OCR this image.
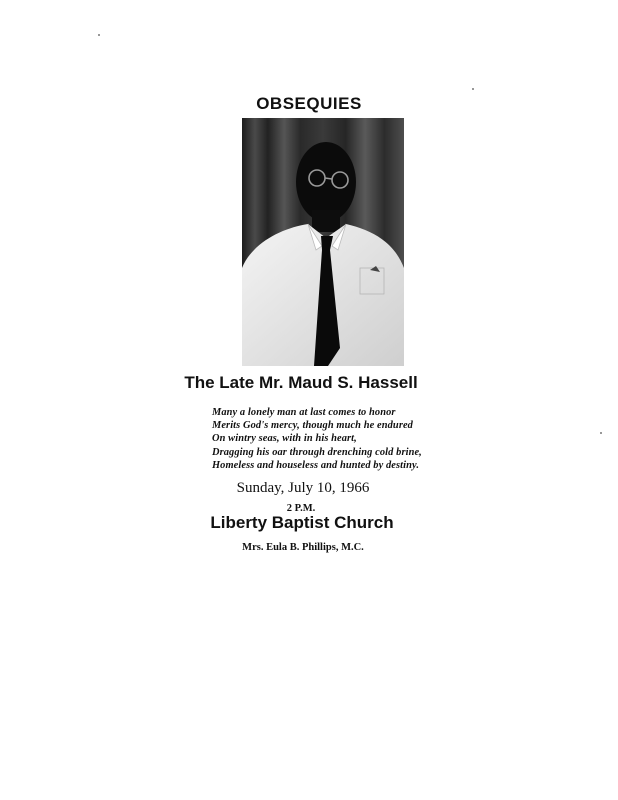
OBSEQUIES
The Late Mr. Maud S. Hassell
Many a lonely man at last comes to honor
Merits God's mercy, though much he endured
On wintry seas, with in his heart,
Dragging his oar through drenching cold brine,
Homeless and houseless and hunted by destiny.
Sunday, July 10, 1966
2 P.M.
Liberty Baptist Church
Mrs. Eula B. Phillips, M.C.
